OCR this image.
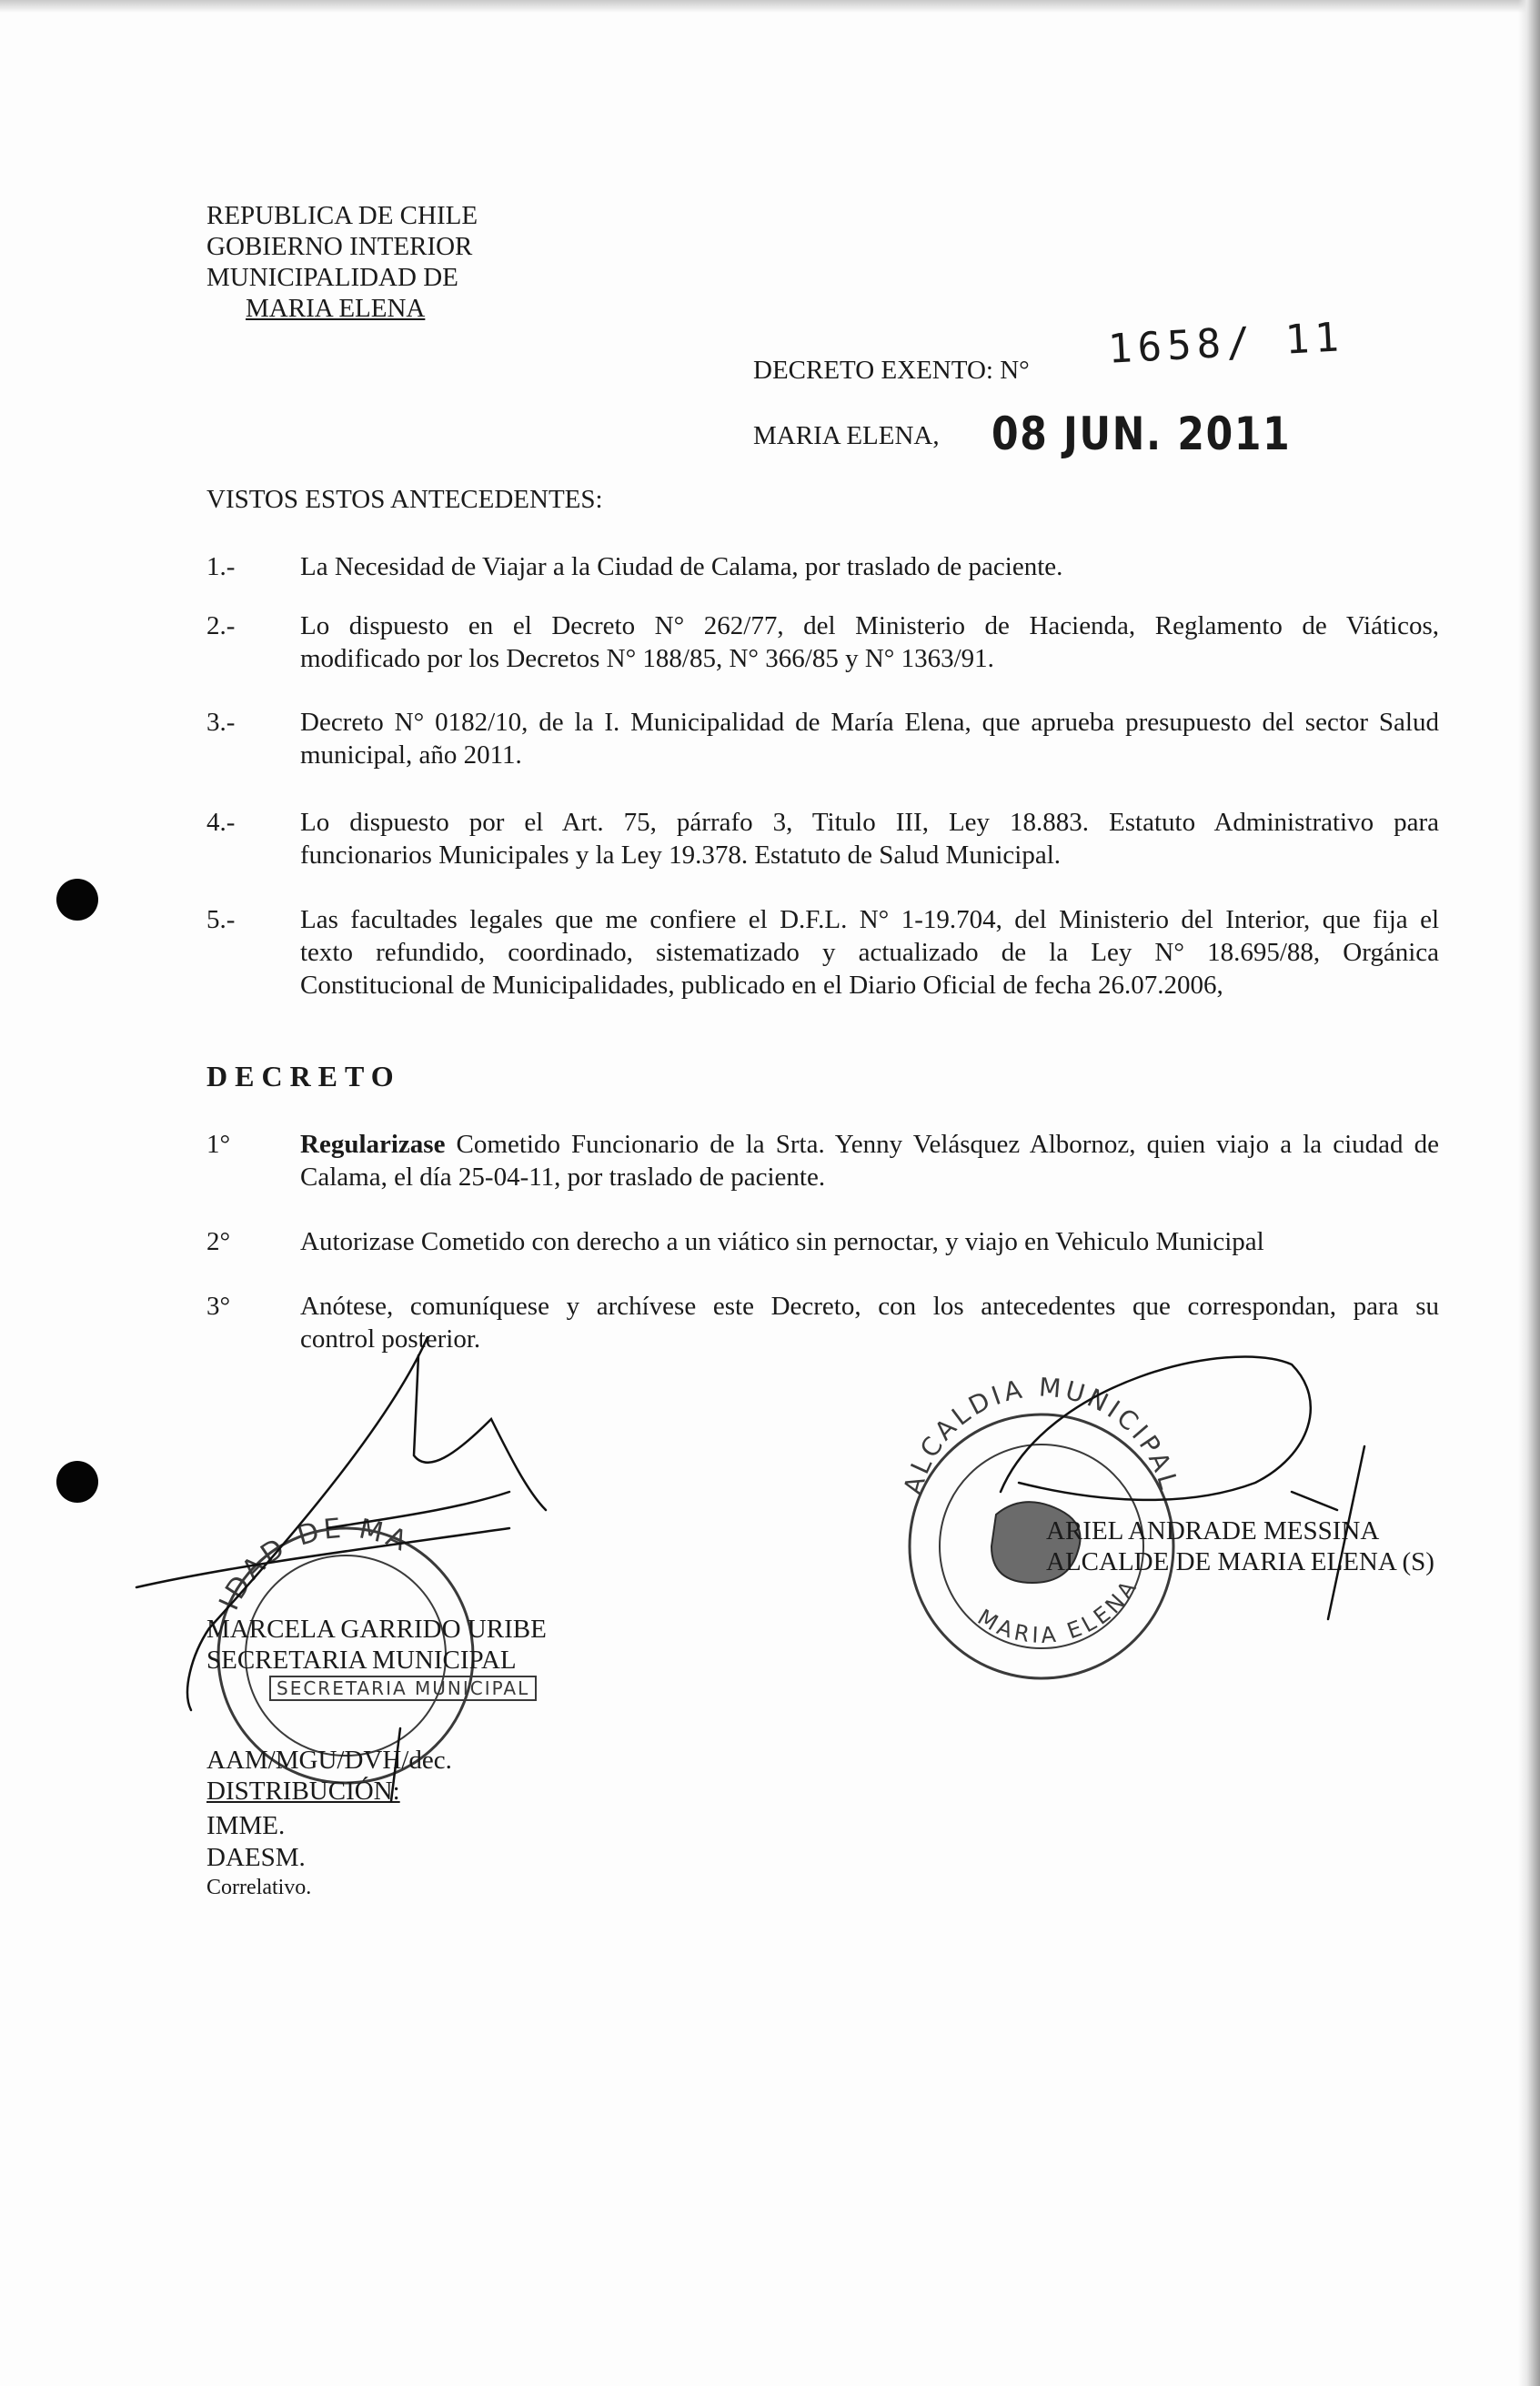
REPUBLICA DE CHILE
GOBIERNO INTERIOR
MUNICIPALIDAD DE
MARIA ELENA
DECRETO EXENTO: N° 1658/ 11
MARIA ELENA, 08 JUN. 2011
VISTOS ESTOS ANTECEDENTES:
1.- La Necesidad de Viajar a la Ciudad de Calama, por traslado de paciente.
2.- Lo dispuesto en el Decreto N° 262/77, del Ministerio de Hacienda, Reglamento de Viáticos,
modificado por los Decretos N° 188/85, N° 366/85 y N° 1363/91.
3.- Decreto N° 0182/10, de la I. Municipalidad de María Elena, que aprueba presupuesto del sector Salud
municipal, año 2011.
4.- Lo dispuesto por el Art. 75, párrafo 3, Titulo III, Ley 18.883. Estatuto Administrativo para
funcionarios Municipales y la Ley 19.378. Estatuto de Salud Municipal.
5.- Las facultades legales que me confiere el D.F.L. N° 1-19.704, del Ministerio del Interior, que fija el
texto refundido, coordinado, sistematizado y actualizado de la Ley N° 18.695/88, Orgánica
Constitucional de Municipalidades, publicado en el Diario Oficial de fecha 26.07.2006,
DECRETO
1°	Regularizase Cometido Funcionario de la Srta. Yenny Velásquez Albornoz, quien viajo a la ciudad de
Calama, el día 25-04-11, por traslado de paciente.
2°	Autorizase Cometido con derecho a un viático sin pernoctar, y viajo en Vehiculo Municipal
3°	Anótese, comuníquese y archívese este Decreto, con los antecedentes que correspondan, para su
control posterior.
IDAD DE MA
ALCALDIA MUNICIPAL
MARIA ELENA
MARCELA GARRIDO URIBE
SECRETARIA MUNICIPAL
SECRETARIA MUNICIPAL
ARIEL ANDRADE MESSINA
ALCALDE DE MARIA ELENA (S)
AAM/MGU/DVH/dec.
DISTRIBUCIÓN:
IMME.
DAESM.
Correlativo.
